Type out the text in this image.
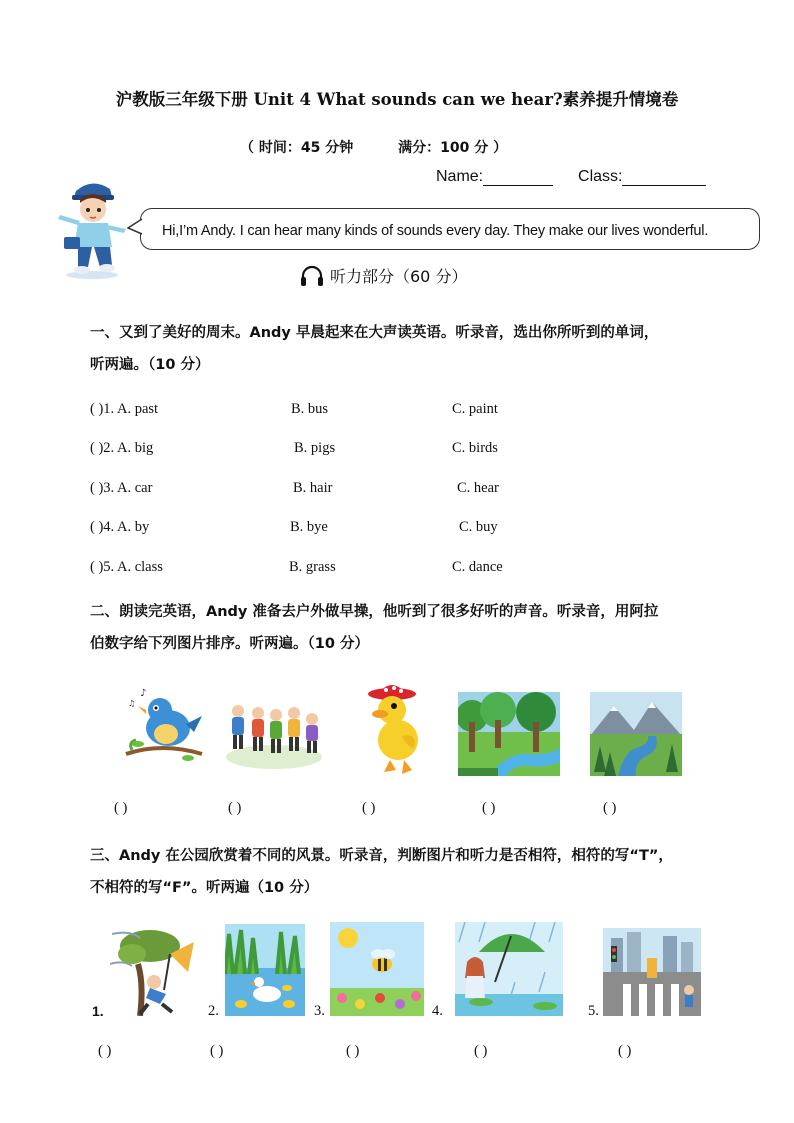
沪教版三年级下册 Unit 4 What sounds can we hear?素养提升情境卷
（ 时间：45 分钟	满分：100 分 ）
Name:	Class:
Hi,I’m Andy. I can hear many kinds of sounds every day. They make our lives wonderful.
听力部分（60 分）
一、又到了美好的周末。Andy 早晨起来在大声读英语。听录音，选出你所听到的单词，
听两遍。（10 分）
( )1. A. past	B. bus	C. paint
( )2. A. big	B. pigs	C. birds
( )3. A. car	B. hair	C. hear
( )4. A. by	B. bye	C. buy
( )5. A. class	B. grass	C. dance
二、朗读完英语，Andy 准备去户外做早操，他听到了很多好听的声音。听录音，用阿拉
伯数字给下列图片排序。听两遍。（10 分）
♪
♫
( )	( )	( )	( )	( )
三、Andy 在公园欣赏着不同的风景。听录音，判断图片和听力是否相符，相符的写“T”，
不相符的写“F”。听两遍（10 分）
1.	2.	3.	4.	5.
( )	( )	( )	( )	( )
